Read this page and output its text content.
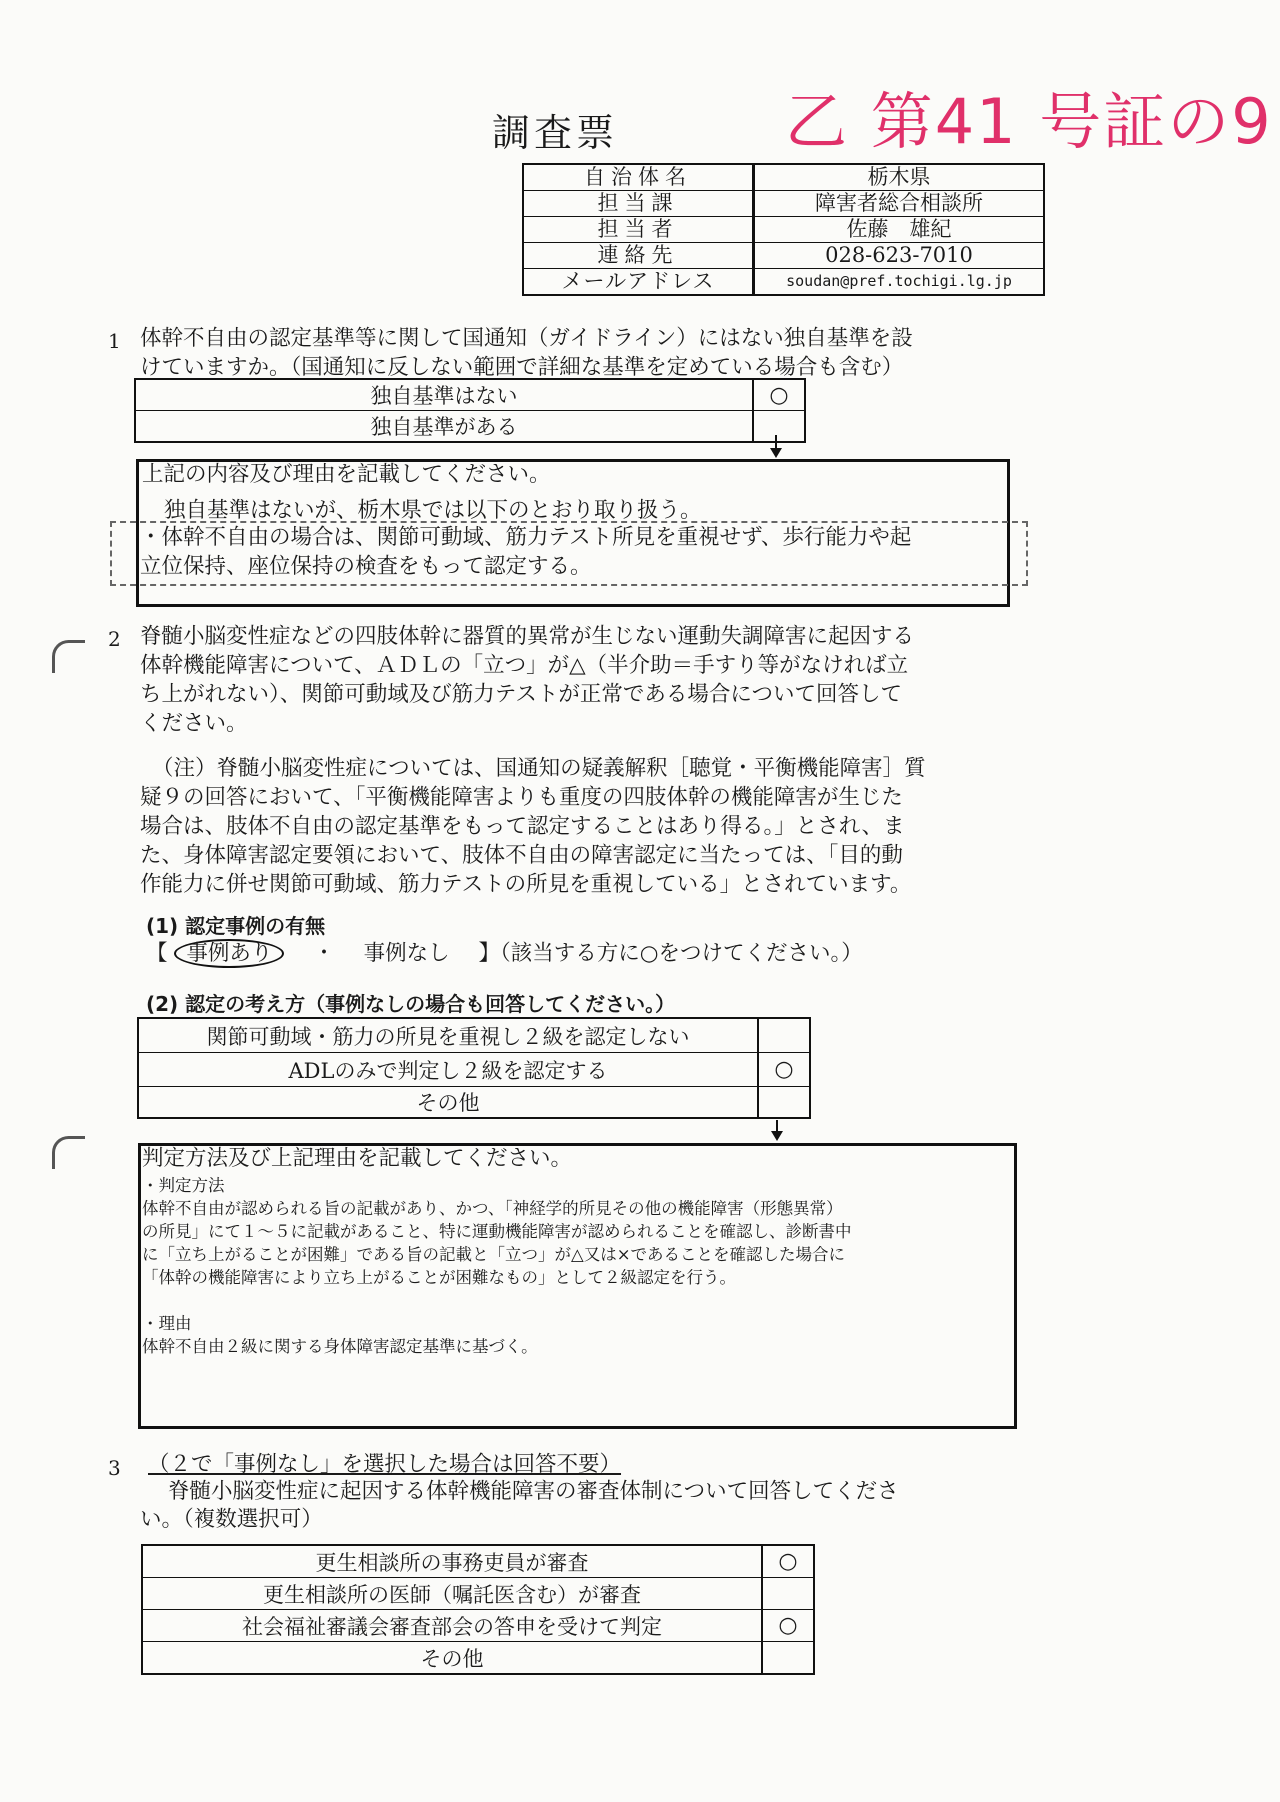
乙 第41 号証の9
調査票
自治体名	栃木県
担当課	障害者総合相談所
担当者	佐藤　雄紀
連絡先	028-623-7010
メールアドレス	soudan@pref.tochigi.lg.jp
1 体幹不自由の認定基準等に関して国通知（ガイドライン）にはない独自基準を設
けていますか。（国通知に反しない範囲で詳細な基準を定めている場合も含む）
独自基準はない	○
独自基準がある	
上記の内容及び理由を記載してください。
独自基準はないが、栃木県では以下のとおり取り扱う。
・体幹不自由の場合は、関節可動域、筋力テスト所見を重視せず、歩行能力や起
立位保持、座位保持の検査をもって認定する。
2 脊髄小脳変性症などの四肢体幹に器質的異常が生じない運動失調障害に起因する
体幹機能障害について、ＡＤＬの「立つ」が△（半介助＝手すり等がなければ立
ち上がれない）、関節可動域及び筋力テストが正常である場合について回答して
ください。
（注）脊髄小脳変性症については、国通知の疑義解釈［聴覚・平衡機能障害］質
疑９の回答において、「平衡機能障害よりも重度の四肢体幹の機能障害が生じた
場合は、肢体不自由の認定基準をもって認定することはあり得る。」とされ、ま
た、身体障害認定要領において、肢体不自由の障害認定に当たっては、「目的動
作能力に併せ関節可動域、筋力テストの所見を重視している」とされています。
(1) 認定事例の有無
【 事例あり ・ 事例なし 】（該当する方に○をつけてください。）
(2) 認定の考え方（事例なしの場合も回答してください。）
関節可動域・筋力の所見を重視し２級を認定しない	
ADLのみで判定し２級を認定する	○
その他	
判定方法及び上記理由を記載してください。
・判定方法
体幹不自由が認められる旨の記載があり、かつ、「神経学的所見その他の機能障害（形態異常）
の所見」にて１～５に記載があること、特に運動機能障害が認められることを確認し、診断書中
に「立ち上がることが困難」である旨の記載と「立つ」が△又は×であることを確認した場合に
「体幹の機能障害により立ち上がることが困難なもの」として２級認定を行う。
・理由
体幹不自由２級に関する身体障害認定基準に基づく。
3 （２で「事例なし」を選択した場合は回答不要）
脊髄小脳変性症に起因する体幹機能障害の審査体制について回答してくださ
い。（複数選択可）
更生相談所の事務吏員が審査	○
更生相談所の医師（嘱託医含む）が審査	
社会福祉審議会審査部会の答申を受けて判定	○
その他	
